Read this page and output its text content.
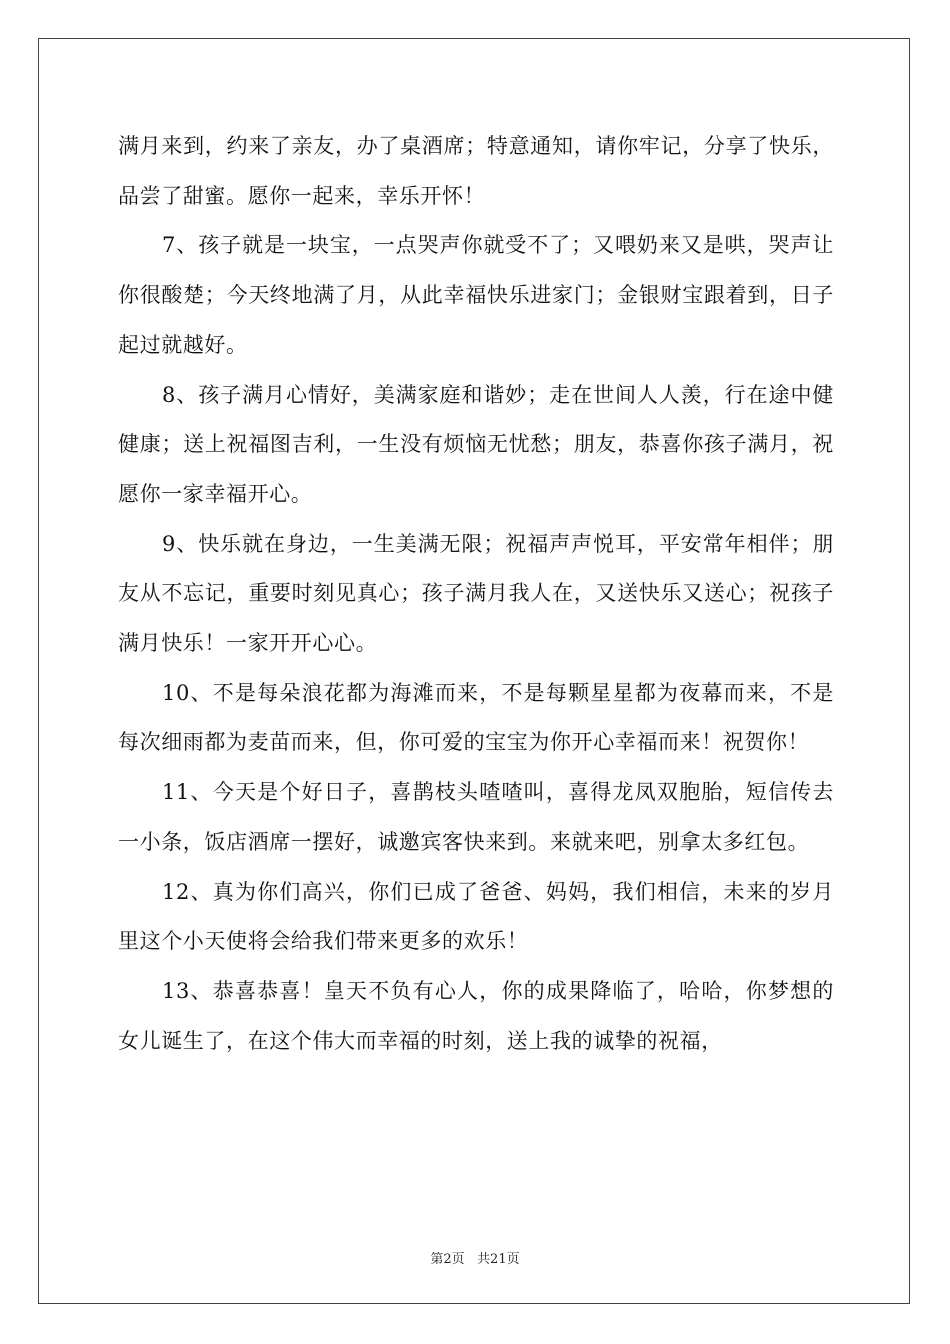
满月来到，约来了亲友，办了桌酒席；特意通知，请你牢记，分享了快乐，品尝了甜蜜。愿你一起来，幸乐开怀！

7、孩子就是一块宝，一点哭声你就受不了；又喂奶来又是哄，哭声让你很酸楚；今天终地满了月，从此幸福快乐进家门；金银财宝跟着到，日子起过就越好。

8、孩子满月心情好，美满家庭和谐妙；走在世间人人羡，行在途中健健康；送上祝福图吉利，一生没有烦恼无忧愁；朋友，恭喜你孩子满月，祝愿你一家幸福开心。

9、快乐就在身边，一生美满无限；祝福声声悦耳，平安常年相伴；朋友从不忘记，重要时刻见真心；孩子满月我人在，又送快乐又送心；祝孩子满月快乐！一家开开心心。

10、不是每朵浪花都为海滩而来，不是每颗星星都为夜幕而来，不是每次细雨都为麦苗而来，但，你可爱的宝宝为你开心幸福而来！祝贺你！

11、今天是个好日子，喜鹊枝头喳喳叫，喜得龙凤双胞胎，短信传去一小条，饭店酒席一摆好，诚邀宾客快来到。来就来吧，别拿太多红包。

12、真为你们高兴，你们已成了爸爸、妈妈，我们相信，未来的岁月里这个小天使将会给我们带来更多的欢乐！

13、恭喜恭喜！皇天不负有心人，你的成果降临了，哈哈，你梦想的女儿诞生了，在这个伟大而幸福的时刻，送上我的诚挚的祝福，

第2页   共21页
